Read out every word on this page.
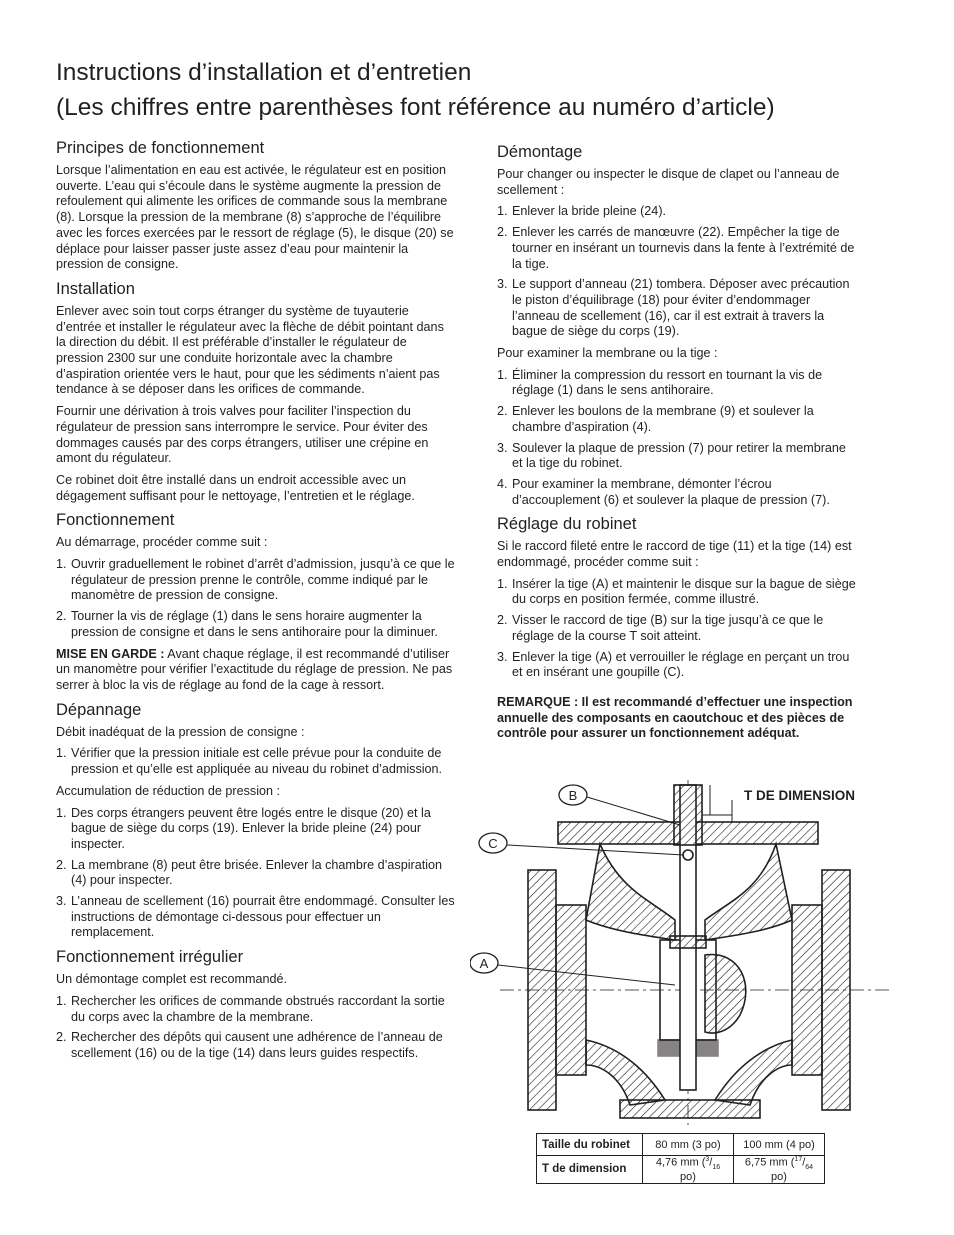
Instructions d’installation et d’entretien
(Les chiffres entre parenthèses font référence au numéro d’article)
Principes de fonctionnement

Lorsque l’alimentation en eau est activée, le régulateur est en position ouverte. L’eau qui s’écoule dans le système augmente la pression de refoulement qui alimente les orifices de commande sous la membrane (8). Lorsque la pression de la membrane (8) s’approche de l’équilibre avec les forces exercées par le ressort de réglage (5), le disque (20) se déplace pour laisser passer juste assez d’eau pour maintenir la pression de consigne.

Installation

Enlever avec soin tout corps étranger du système de tuyauterie d’entrée et installer le régulateur avec la flèche de débit pointant dans la direction du débit. Il est préférable d’installer le régulateur de pression 2300 sur une conduite horizontale avec la chambre d’aspiration orientée vers le haut, pour que les sédiments n’aient pas tendance à se déposer dans les orifices de commande.

Fournir une dérivation à trois valves pour faciliter l’inspection du régulateur de pression sans interrompre le service. Pour éviter des dommages causés par des corps étrangers, utiliser une crépine en amont du régulateur.

Ce robinet doit être installé dans un endroit accessible avec un dégagement suffisant pour le nettoyage, l’entretien et le réglage.

Fonctionnement

Au démarrage, procéder comme suit :

1. Ouvrir graduellement le robinet d’arrêt d’admission, jusqu’à ce que le régulateur de pression prenne le contrôle, comme indiqué par le manomètre de pression de consigne.
2. Tourner la vis de réglage (1) dans le sens horaire augmenter la pression de consigne et dans le sens antihoraire pour la diminuer.

MISE EN GARDE : Avant chaque réglage, il est recommandé d’utiliser un manomètre pour vérifier l’exactitude du réglage de pression. Ne pas serrer à bloc la vis de réglage au fond de la cage à ressort.

Dépannage

Débit inadéquat de la pression de consigne :

1. Vérifier que la pression initiale est celle prévue pour la conduite de pression et qu’elle est appliquée au niveau du robinet d’admission.

Accumulation de réduction de pression :

1. Des corps étrangers peuvent être logés entre le disque (20) et la bague de siège du corps (19). Enlever la bride pleine (24) pour inspecter.
2. La membrane (8) peut être brisée. Enlever la chambre d’aspiration (4) pour inspecter.
3. L’anneau de scellement (16) pourrait être endommagé. Consulter les instructions de démontage ci-dessous pour effectuer un remplacement.
Fonctionnement irrégulier

Un démontage complet est recommandé.

1. Rechercher les orifices de commande obstrués raccordant la sortie du corps avec la chambre de la membrane.
2. Rechercher des dépôts qui causent une adhérence de l’anneau de scellement (16) ou de la tige (14) dans leurs guides respectifs.
Démontage

Pour changer ou inspecter le disque de clapet ou l’anneau de scellement :

1. Enlever la bride pleine (24).
2. Enlever les carrés de manœuvre (22). Empêcher la tige de tourner en insérant un tournevis dans la fente à l’extrémité de la tige.
3. Le support d’anneau (21) tombera. Déposer avec précaution le piston d’équilibrage (18) pour éviter d’endommager l’anneau de scellement (16), car il est extrait à travers la bague de siège du corps (19).

Pour examiner la membrane ou la tige :

1. Éliminer la compression du ressort en tournant la vis de réglage (1) dans le sens antihoraire.
2. Enlever les boulons de la membrane (9) et soulever la chambre d’aspiration (4).
3. Soulever la plaque de pression (7) pour retirer la membrane et la tige du robinet.
4. Pour examiner la membrane, démonter l’écrou d’accouplement (6) et soulever la plaque de pression (7).
Réglage du robinet

Si le raccord fileté entre le raccord de tige (11) et la tige (14) est endommagé, procéder comme suit :

1. Insérer la tige (A) et maintenir le disque sur la bague de siège du corps en position fermée, comme illustré.
2. Visser le raccord de tige (B) sur la tige jusqu’à ce que le réglage de la course T soit atteint.
3. Enlever la tige (A) et verrouiller le réglage en perçant un trou et en insérant une goupille (C).
REMARQUE : Il est recommandé d’effectuer une inspection annuelle des composants en caoutchouc et des pièces de contrôle pour assurer un fonctionnement adéquat.
B
C
A
T DE DIMENSION
Taille du robinet	80 mm (3 po)	100 mm (4 po)
T de dimension	4,76 mm ($^3/_{16}$ po)	6,75 mm ($^{17}/_{64}$ po)
